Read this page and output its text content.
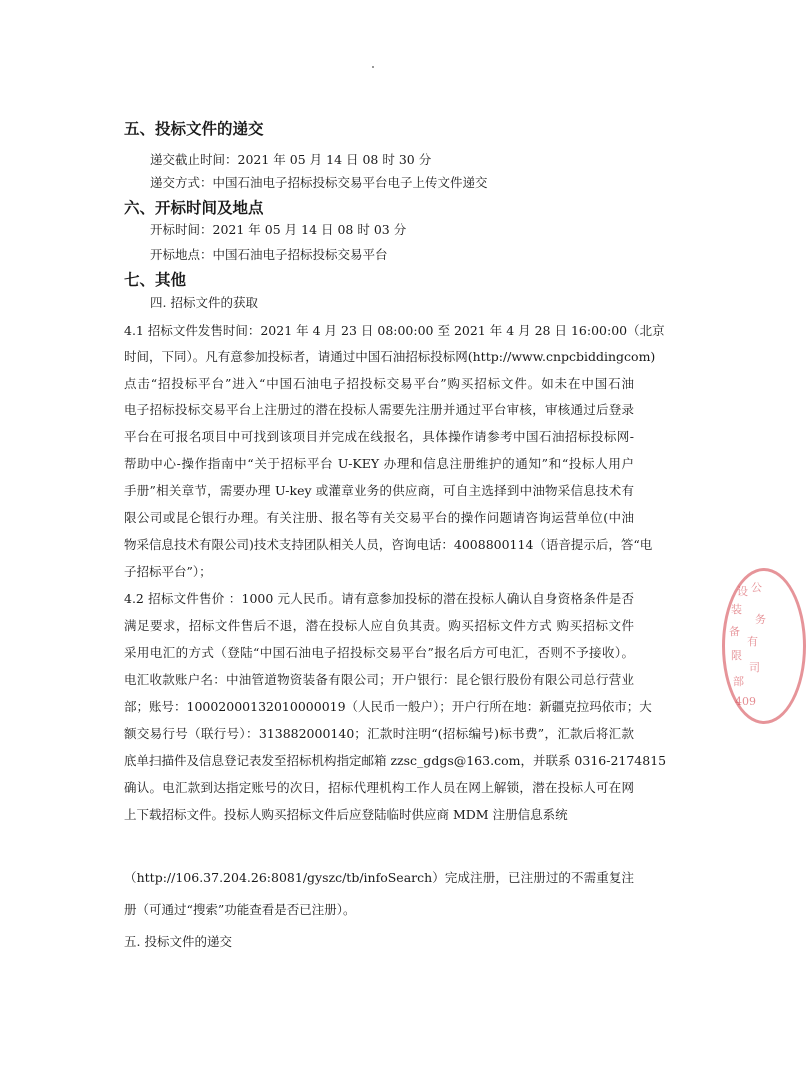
五、投标文件的递交
递交截止时间：2021 年 05 月 14 日 08 时 30 分
递交方式：中国石油电子招标投标交易平台电子上传文件递交
六、开标时间及地点
开标时间：2021 年 05 月 14 日 08 时 03 分
开标地点：中国石油电子招标投标交易平台
七、其他
四. 招标文件的获取
4.1 招标文件发售时间：2021 年 4 月 23 日 08:00:00 至 2021 年 4 月 28 日 16:00:00（北京
时间，下同）。凡有意参加投标者，请通过中国石油招标投标网(http://www.cnpcbiddingcom)
点击“招投标平台”进入“中国石油电子招投标交易平台”购买招标文件。如未在中国石油
电子招标投标交易平台上注册过的潜在投标人需要先注册并通过平台审核，审核通过后登录
平台在可报名项目中可找到该项目并完成在线报名，具体操作请参考中国石油招标投标网-
帮助中心-操作指南中“关于招标平台 U-KEY 办理和信息注册维护的通知”和“投标人用户
手册”相关章节，需要办理 U-key 或灌章业务的供应商，可自主选择到中油物采信息技术有
限公司或昆仑银行办理。有关注册、报名等有关交易平台的操作问题请咨询运营单位(中油
物采信息技术有限公司)技术支持团队相关人员，咨询电话：4008800114（语音提示后，答“电
子招标平台”）；
4.2 招标文件售价 ：1000 元人民币。请有意参加投标的潜在投标人确认自身资格条件是否
满足要求，招标文件售后不退，潜在投标人应自负其责。购买招标文件方式 购买招标文件
采用电汇的方式（登陆“中国石油电子招投标交易平台”报名后方可电汇，否则不予接收）。
电汇收款账户名：中油管道物资装备有限公司；开户银行：昆仑银行股份有限公司总行营业
部；账号：10002000132010000019（人民币一般户）；开户行所在地：新疆克拉玛依市；大
额交易行号（联行号）：313882000140；汇款时注明“(招标编号)标书费”，汇款后将汇款
底单扫描件及信息登记表发至招标机构指定邮箱 zzsc_gdgs@163.com，并联系 0316-2174815
确认。电汇款到达指定账号的次日，招标代理机构工作人员在网上解锁，潜在投标人可在网
上下载招标文件。投标人购买招标文件后应登陆临时供应商 MDM 注册信息系统
（http://106.37.204.26:8081/gyszc/tb/infoSearch）完成注册，已注册过的不需重复注
册（可通过“搜索”功能查看是否已注册）。
五. 投标文件的递交
设 公
装
务
备
有
限
司
部
409
